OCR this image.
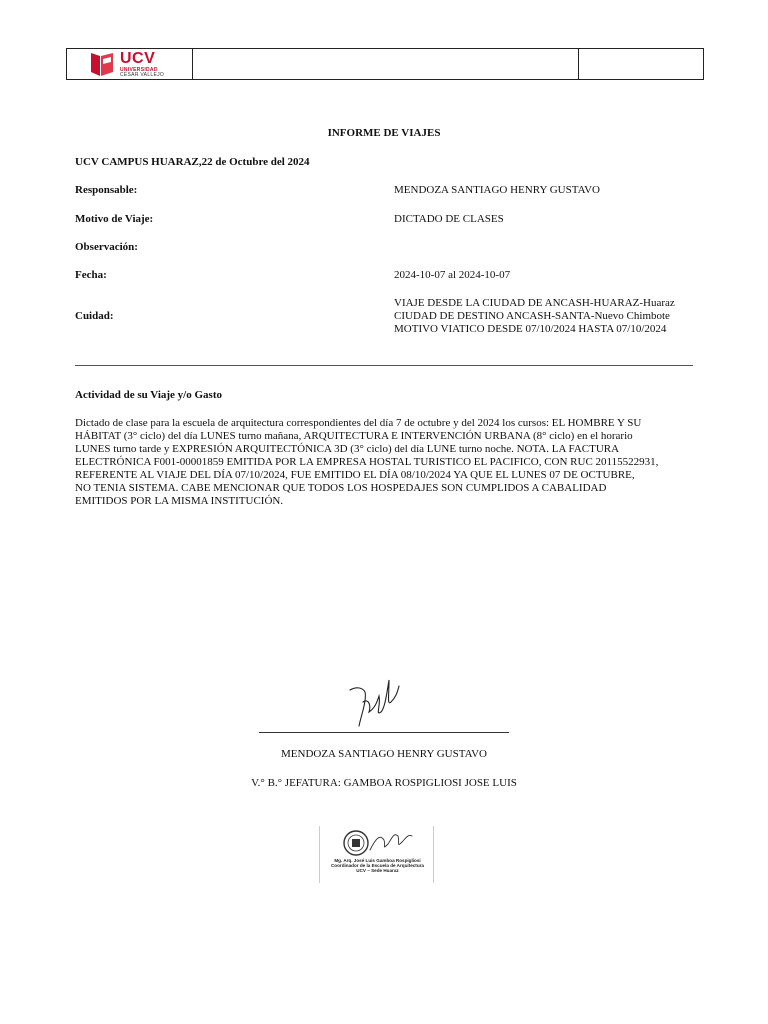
UCV
UNIVERSIDAD
CÉSAR VALLEJO
INFORME DE VIAJES
UCV CAMPUS HUARAZ,22 de Octubre del 2024
Responsable:	MENDOZA SANTIAGO HENRY GUSTAVO
Motivo de Viaje:	DICTADO DE CLASES
Observación:
Fecha:	2024-10-07 al 2024-10-07
Cuidad:
VIAJE DESDE LA CIUDAD DE ANCASH-HUARAZ-Huaraz
CIUDAD DE DESTINO ANCASH-SANTA-Nuevo Chimbote
MOTIVO VIATICO DESDE 07/10/2024 HASTA 07/10/2024
Actividad de su Viaje y/o Gasto
Dictado de clase para la escuela de arquitectura correspondientes del día 7 de octubre y del 2024 los cursos: EL HOMBRE Y SU
HÁBITAT (3° ciclo) del día LUNES turno mañana, ARQUITECTURA E INTERVENCIÓN URBANA (8° ciclo) en el horario
LUNES turno tarde y EXPRESIÓN ARQUITECTÓNICA 3D (3° ciclo) del día LUNE turno noche. NOTA. LA FACTURA
ELECTRÓNICA F001-00001859 EMITIDA POR LA EMPRESA HOSTAL TURISTICO EL PACIFICO, CON RUC 20115522931,
REFERENTE AL VIAJE DEL DÍA 07/10/2024, FUE EMITIDO EL DÍA 08/10/2024 YA QUE EL LUNES 07 DE OCTUBRE,
NO TENIA SISTEMA. CABE MENCIONAR QUE TODOS LOS HOSPEDAJES SON CUMPLIDOS A CABALIDAD
EMITIDOS POR LA MISMA INSTITUCIÓN.
MENDOZA SANTIAGO HENRY GUSTAVO
V.° B.° JEFATURA: GAMBOA ROSPIGLIOSI JOSE LUIS
Mg. Arq. José Luis Gamboa Rospigliosi
Coordinador de la Escuela de Arquitectura
UCV – Sede Huaraz
